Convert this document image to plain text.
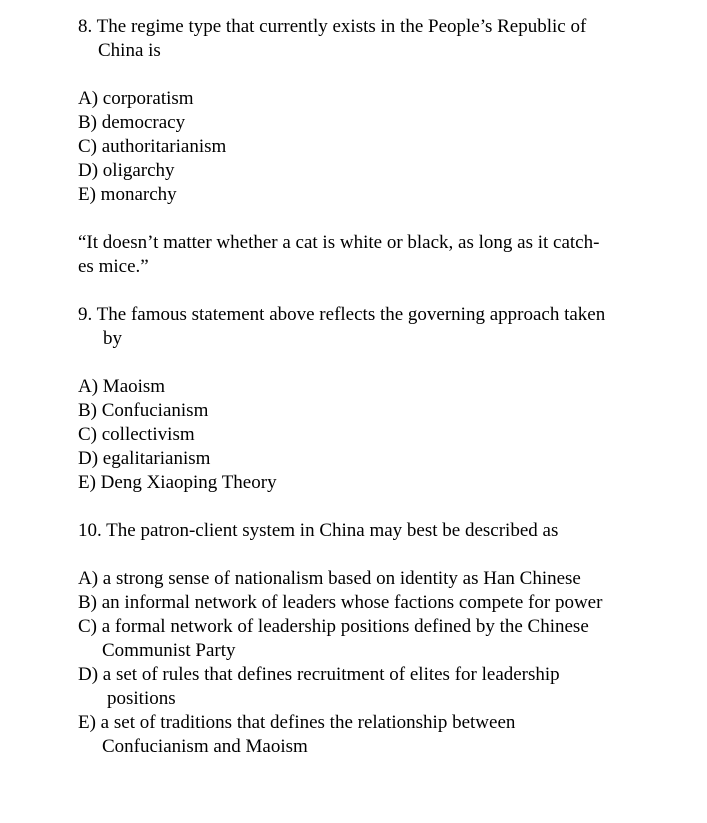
8. The regime type that currently exists in the People’s Republic of
China is
A) corporatism
B) democracy
C) authoritarianism
D) oligarchy
E) monarchy
“It doesn’t matter whether a cat is white or black, as long as it catch-
es mice.”
9. The famous statement above reflects the governing approach taken
by
A) Maoism
B) Confucianism
C) collectivism
D) egalitarianism
E) Deng Xiaoping Theory
10. The patron-client system in China may best be described as
A) a strong sense of nationalism based on identity as Han Chinese
B) an informal network of leaders whose factions compete for power
C) a formal network of leadership positions defined by the Chinese
Communist Party
D) a set of rules that defines recruitment of elites for leadership
positions
E) a set of traditions that defines the relationship between
Confucianism and Maoism
